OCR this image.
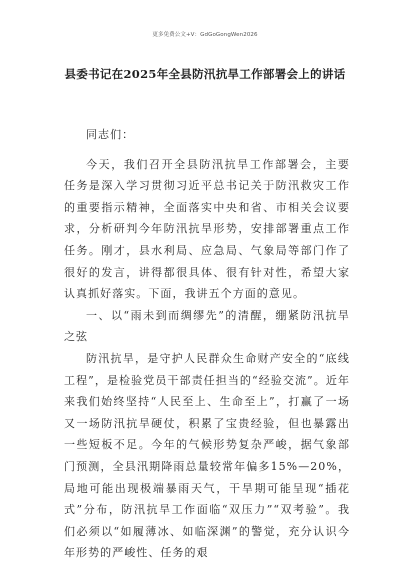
更多免费公文+V：GdGoGongWen2026
县委书记在2025年全县防汛抗旱工作部署会上的讲话

同志们：

今天，我们召开全县防汛抗旱工作部署会，主要任务是深入学习贯彻习近平总书记关于防汛救灾工作的重要指示精神，全面落实中央和省、市相关会议要求，分析研判今年防汛抗旱形势，安排部署重点工作任务。刚才，县水利局、应急局、气象局等部门作了很好的发言，讲得都很具体、很有针对性，希望大家认真抓好落实。下面，我讲五个方面的意见。

一、以“雨未到而绸缪先”的清醒，绷紧防汛抗旱之弦

防汛抗旱，是守护人民群众生命财产安全的“底线工程”，是检验党员干部责任担当的“经验交流”。近年来我们始终坚持“人民至上、生命至上”，打赢了一场又一场防汛抗旱硬仗，积累了宝贵经验，但也暴露出一些短板不足。今年的气候形势复杂严峻，据气象部门预测，全县汛期降雨总量较常年偏多15%—20%，局地可能出现极端暴雨天气，干旱期可能呈现“插花式”分布，防汛抗旱工作面临“双压力”“双考验”。我们必须以“如履薄冰、如临深渊”的警觉，充分认识今年形势的严峻性、任务的艰
